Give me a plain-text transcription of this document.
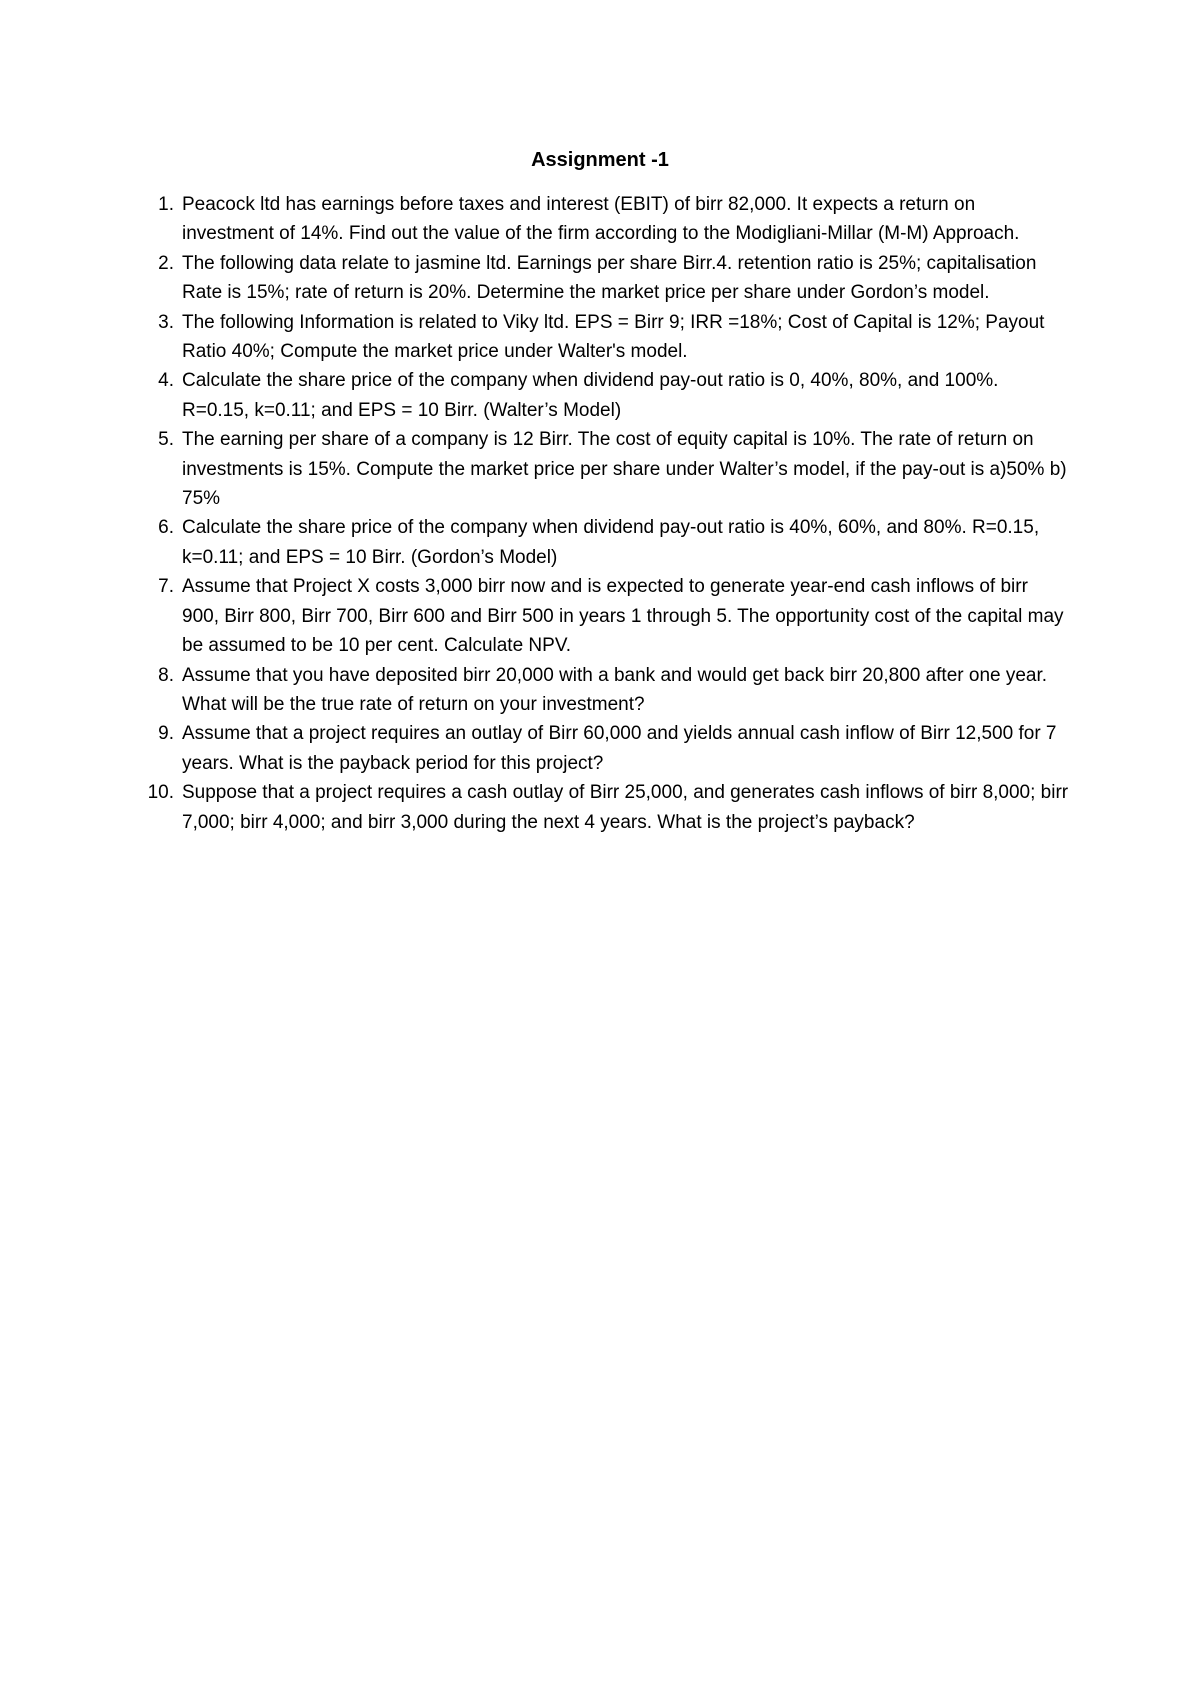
Assignment -1
1. Peacock ltd has earnings before taxes and interest (EBIT) of birr 82,000. It expects a return on investment of 14%. Find out the value of the firm according to the Modigliani-Millar (M-M) Approach.
2. The following data relate to jasmine ltd. Earnings per share Birr.4. retention ratio is 25%; capitalisation Rate is 15%; rate of return is 20%. Determine the market price per share under Gordon’s model.
3. The following Information is related to Viky ltd. EPS = Birr 9; IRR =18%; Cost of Capital is 12%; Payout Ratio 40%; Compute the market price under Walter's model.
4. Calculate the share price of the company when dividend pay-out ratio is 0, 40%, 80%, and 100%. R=0.15, k=0.11; and EPS = 10 Birr. (Walter’s Model)
5. The earning per share of a company is 12 Birr. The cost of equity capital is 10%. The rate of return on investments is 15%. Compute the market price per share under Walter’s model, if the pay-out is a)50% b) 75%
6. Calculate the share price of the company when dividend pay-out ratio is 40%, 60%, and 80%. R=0.15, k=0.11; and EPS = 10 Birr. (Gordon’s Model)
7. Assume that Project X costs 3,000 birr now and is expected to generate year-end cash inflows of birr 900, Birr 800, Birr 700, Birr 600 and Birr 500 in years 1 through 5. The opportunity cost of the capital may be assumed to be 10 per cent. Calculate NPV.
8. Assume that you have deposited birr 20,000 with a bank and would get back birr 20,800 after one year. What will be the true rate of return on your investment?
9. Assume that a project requires an outlay of Birr 60,000 and yields annual cash inflow of Birr 12,500 for 7 years. What is the payback period for this project?
10. Suppose that a project requires a cash outlay of Birr 25,000, and generates cash inflows of birr 8,000; birr 7,000; birr 4,000; and birr 3,000 during the next 4 years. What is the project’s payback?
